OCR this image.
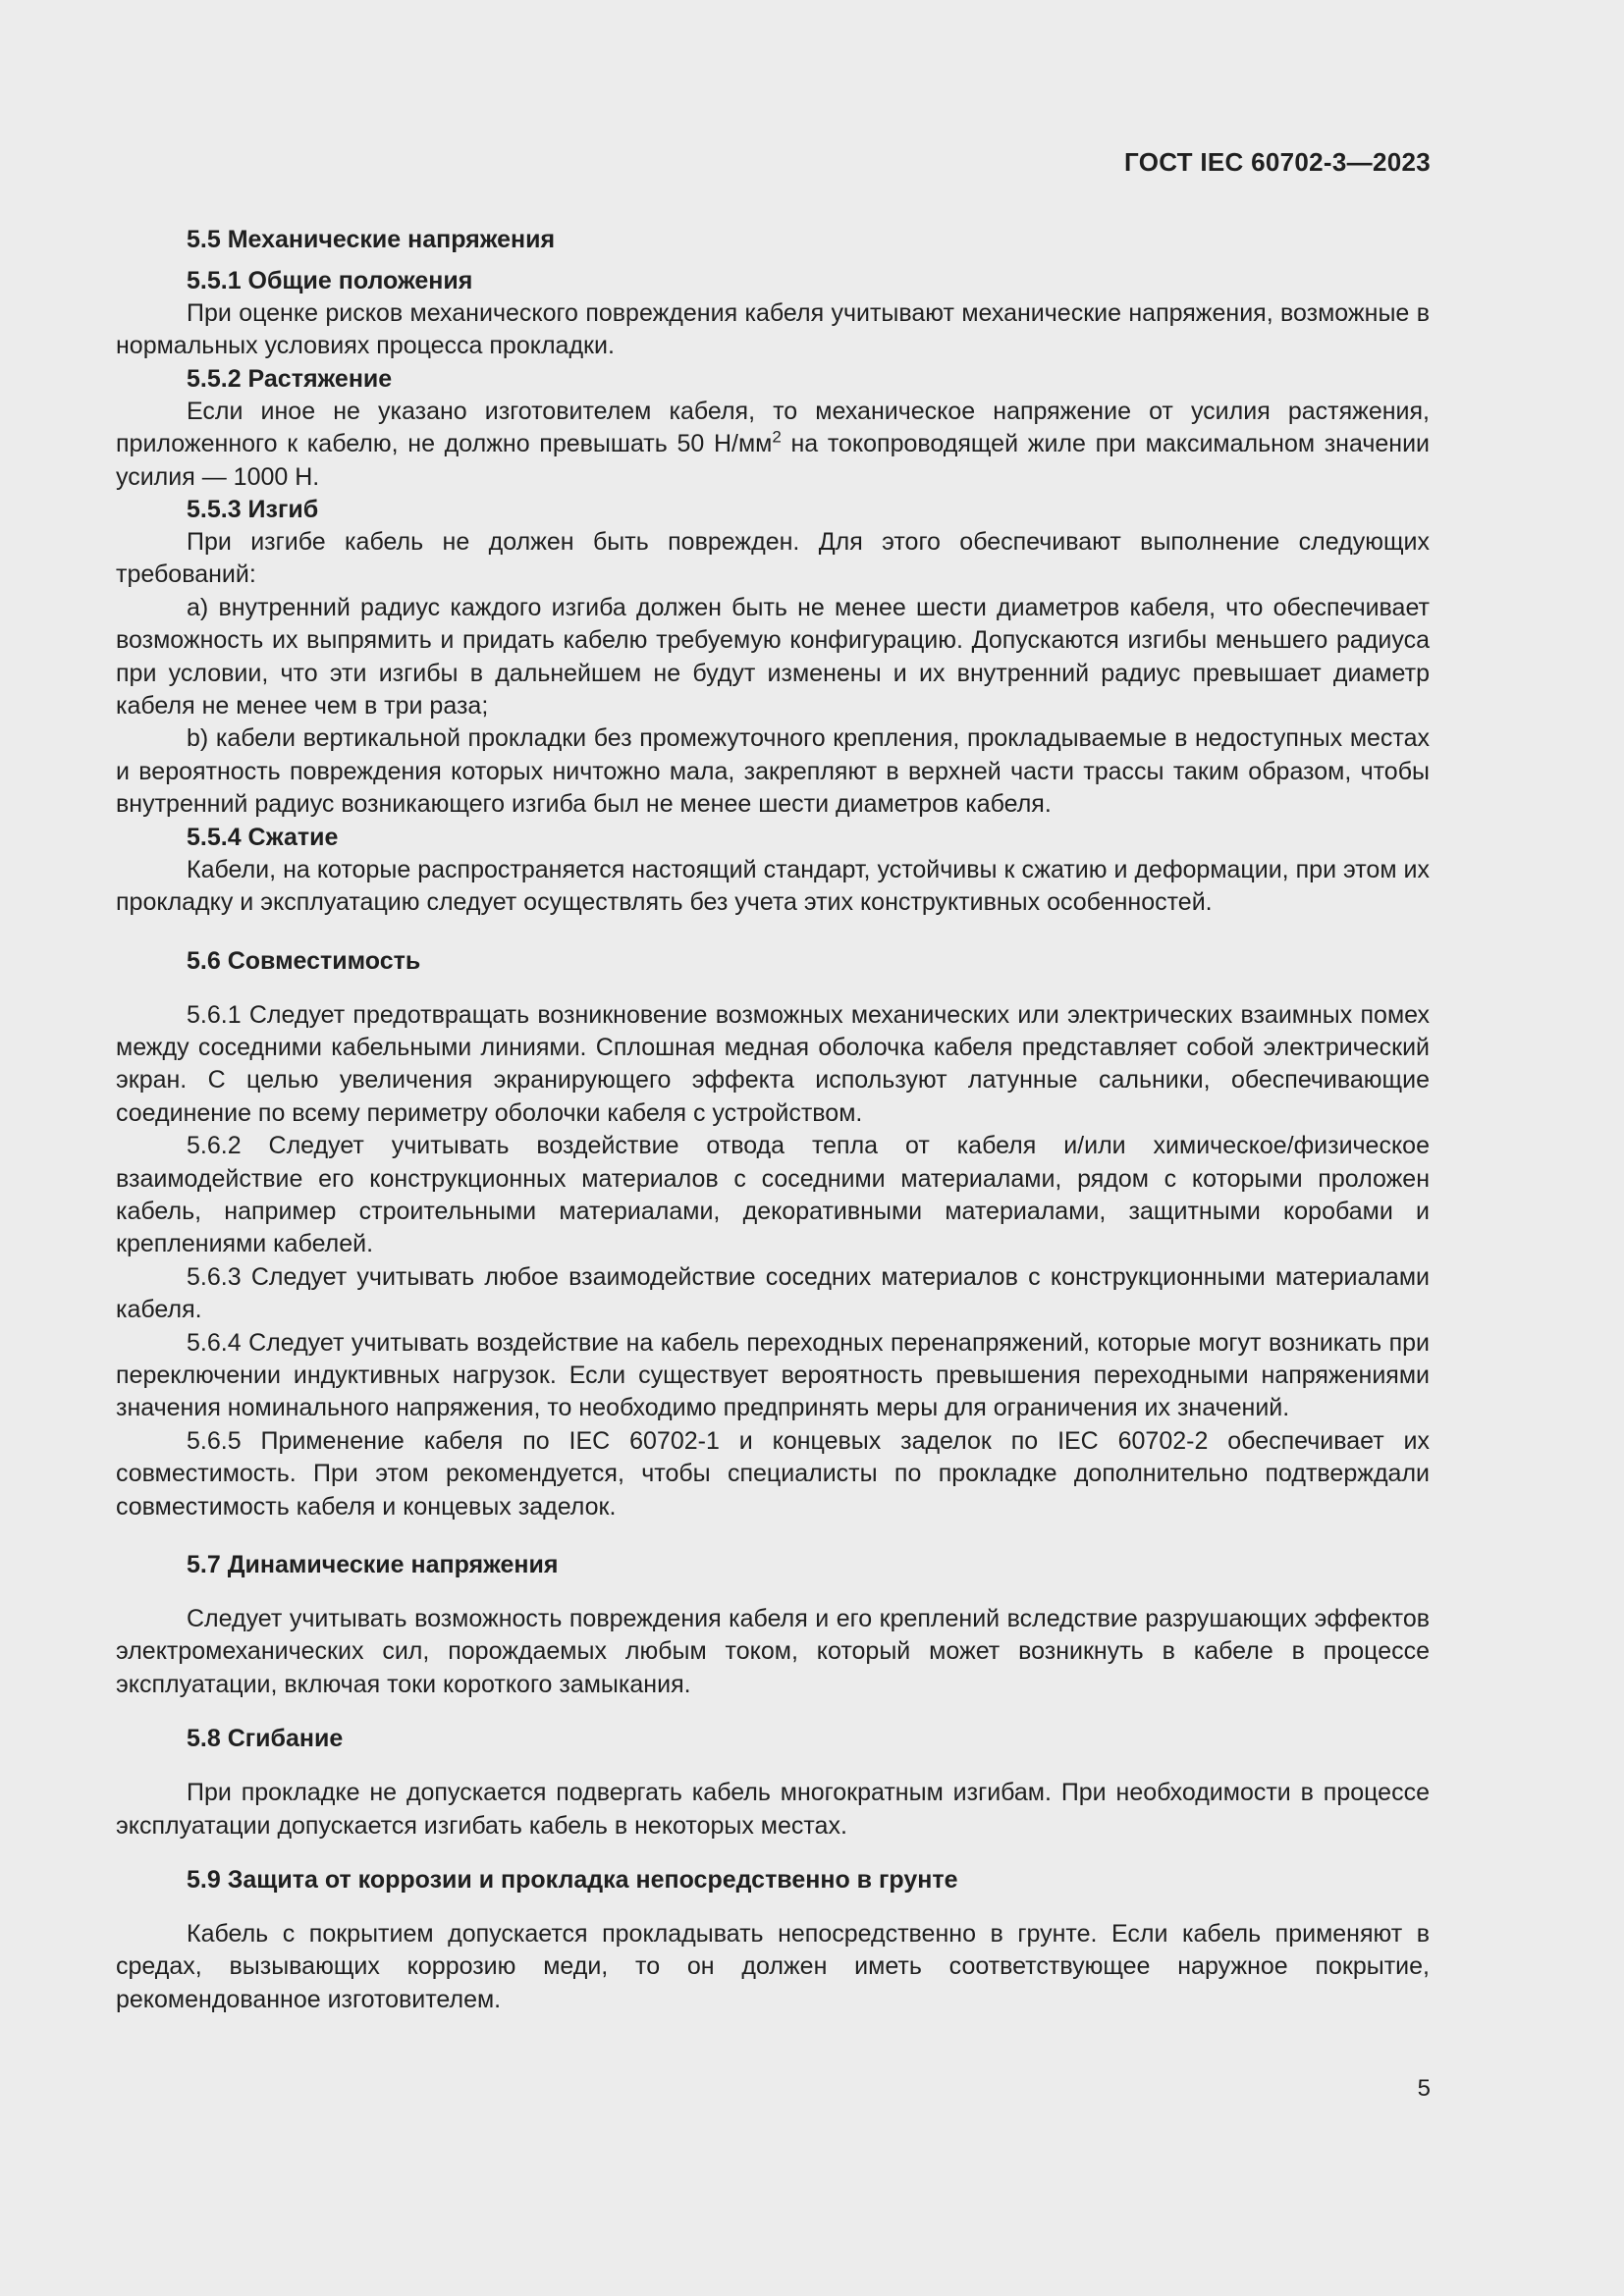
ГОСТ IEC 60702-3—2023
5.5 Механические напряжения
5.5.1 Общие положения

При оценке рисков механического повреждения кабеля учитывают механические напряжения, возможные в нормальных условиях процесса прокладки.

5.5.2 Растяжение

Если иное не указано изготовителем кабеля, то механическое напряжение от усилия растяжения, приложенного к кабелю, не должно превышать 50 $Н/мм^2$ на токопроводящей жиле при максимальном значении усилия — 1000 Н.

5.5.3 Изгиб

При изгибе кабель не должен быть поврежден. Для этого обеспечивают выполнение следующих требований:

a) внутренний радиус каждого изгиба должен быть не менее шести диаметров кабеля, что обеспечивает возможность их выпрямить и придать кабелю требуемую конфигурацию. Допускаются изгибы меньшего радиуса при условии, что эти изгибы в дальнейшем не будут изменены и их внутренний радиус превышает диаметр кабеля не менее чем в три раза;

b) кабели вертикальной прокладки без промежуточного крепления, прокладываемые в недоступных местах и вероятность повреждения которых ничтожно мала, закрепляют в верхней части трассы таким образом, чтобы внутренний радиус возникающего изгиба был не менее шести диаметров кабеля.

5.5.4 Сжатие

Кабели, на которые распространяется настоящий стандарт, устойчивы к сжатию и деформации, при этом их прокладку и эксплуатацию следует осуществлять без учета этих конструктивных особенностей.

5.6 Совместимость

5.6.1 Следует предотвращать возникновение возможных механических или электрических взаимных помех между соседними кабельными линиями. Сплошная медная оболочка кабеля представляет собой электрический экран. С целью увеличения экранирующего эффекта используют латунные сальники, обеспечивающие соединение по всему периметру оболочки кабеля с устройством.

5.6.2 Следует учитывать воздействие отвода тепла от кабеля и/или химическое/физическое взаимодействие его конструкционных материалов с соседними материалами, рядом с которыми проложен кабель, например строительными материалами, декоративными материалами, защитными коробами и креплениями кабелей.

5.6.3 Следует учитывать любое взаимодействие соседних материалов с конструкционными материалами кабеля.

5.6.4 Следует учитывать воздействие на кабель переходных перенапряжений, которые могут возникать при переключении индуктивных нагрузок. Если существует вероятность превышения переходными напряжениями значения номинального напряжения, то необходимо предпринять меры для ограничения их значений.

5.6.5 Применение кабеля по IEC 60702-1 и концевых заделок по IEC 60702-2 обеспечивает их совместимость. При этом рекомендуется, чтобы специалисты по прокладке дополнительно подтверждали совместимость кабеля и концевых заделок.

5.7 Динамические напряжения

Следует учитывать возможность повреждения кабеля и его креплений вследствие разрушающих эффектов электромеханических сил, порождаемых любым током, который может возникнуть в кабеле в процессе эксплуатации, включая токи короткого замыкания.

5.8 Сгибание

При прокладке не допускается подвергать кабель многократным изгибам. При необходимости в процессе эксплуатации допускается изгибать кабель в некоторых местах.

5.9 Защита от коррозии и прокладка непосредственно в грунте

Кабель с покрытием допускается прокладывать непосредственно в грунте. Если кабель применяют в средах, вызывающих коррозию меди, то он должен иметь соответствующее наружное покрытие, рекомендованное изготовителем.

5
